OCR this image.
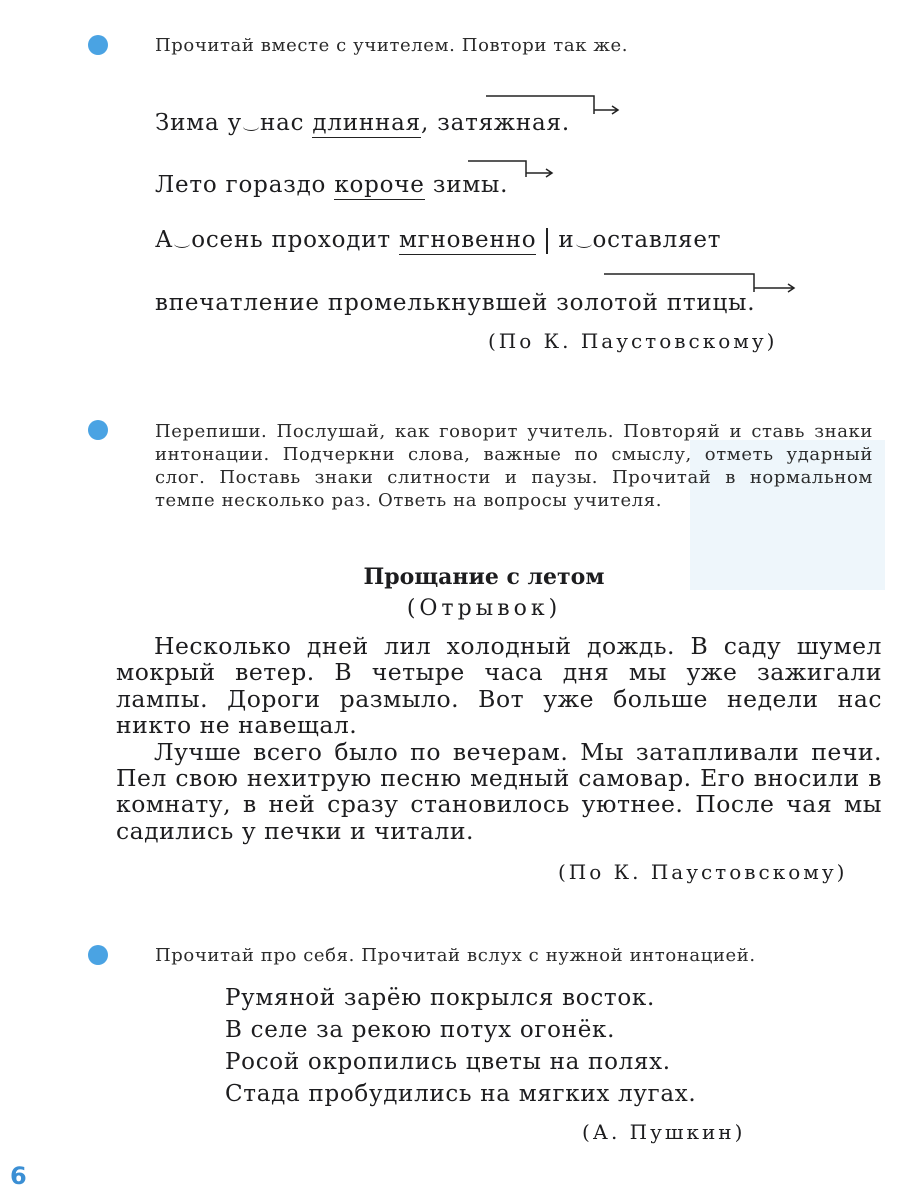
Прочитай вместе с учителем. Повтори так же.
Зима у нас длинная, затяжная.
Лето гораздо короче зимы.
А осень проходит мгновенно и оставляет
впечатление промелькнувшей золотой птицы.
(По К. Паустовскому)
Перепиши. Послушай, как говорит учитель. Повторяй и ставь знаки интонации. Подчеркни слова, важные по смыслу, отметь ударный слог. Поставь знаки слитности и паузы. Прочитай в нормальном темпе несколько раз. Ответь на вопросы учителя.
Прощание с летом
(Отрывок)

Несколько дней лил холодный дождь. В саду шумел мокрый ветер. В четыре часа дня мы уже зажигали лампы. Дороги размыло. Вот уже больше недели нас никто не навещал.

Лучше всего было по вечерам. Мы затапливали печи. Пел свою нехитрую песню медный самовар. Его вносили в комнату, в ней сразу становилось уютнее. После чая мы садились у печки и читали.

(По К. Паустовскому)
Прочитай про себя. Прочитай вслух с нужной интонацией.
Румяной зарёю покрылся восток.
В селе за рекою потух огонёк.
Росой окропились цветы на полях.
Стада пробудились на мягких лугах.
(А. Пушкин)
6
